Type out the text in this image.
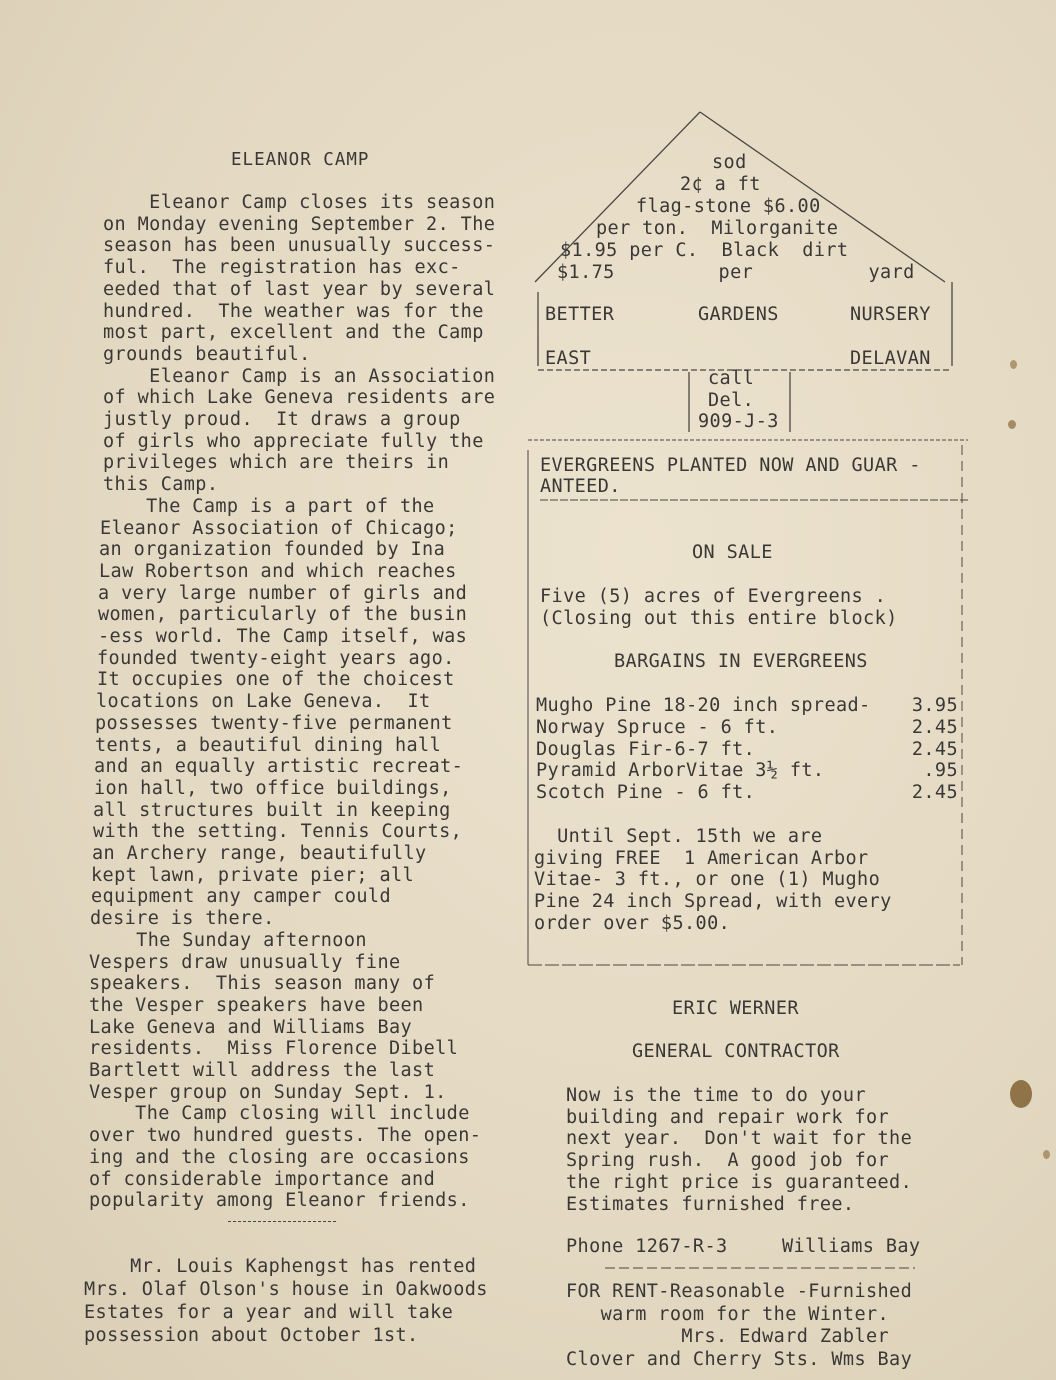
ELEANOR CAMP
Eleanor Camp closes its season
on Monday evening September 2. The
season has been unusually success-
ful.  The registration has exc-
eeded that of last year by several
hundred.  The weather was for the
most part, excellent and the Camp
grounds beautiful.
Eleanor Camp is an Association
of which Lake Geneva residents are
justly proud.  It draws a group
of girls who appreciate fully the
privileges which are theirs in
this Camp.
The Camp is a part of the
Eleanor Association of Chicago;
an organization founded by Ina
Law Robertson and which reaches
a very large number of girls and
women, particularly of the busin
-ess world. The Camp itself, was
founded twenty-eight years ago.
It occupies one of the choicest
locations on Lake Geneva.  It
possesses twenty-five permanent
tents, a beautiful dining hall
and an equally artistic recreat-
ion hall, two office buildings,
all structures built in keeping
with the setting. Tennis Courts,
an Archery range, beautifully
kept lawn, private pier; all
equipment any camper could
desire is there.
The Sunday afternoon
Vespers draw unusually fine
speakers.  This season many of
the Vesper speakers have been
Lake Geneva and Williams Bay
residents.  Miss Florence Dibell
Bartlett will address the last
Vesper group on Sunday Sept. 1.
The Camp closing will include
over two hundred guests. The open-
ing and the closing are occasions
of considerable importance and
popularity among Eleanor friends.
Mr. Louis Kaphengst has rented
Mrs. Olaf Olson's house in Oakwoods
Estates for a year and will take
possession about October 1st.
sod
2¢ a ft
flag-stone $6.00
per ton.  Milorganite
$1.95 per C.  Black  dirt
$1.75         per          yard
BETTER	GARDENS	NURSERY
EAST	DELAVAN
call
Del.
909-J-3
EVERGREENS PLANTED NOW AND GUAR -
ANTEED.
ON SALE
Five (5) acres of Evergreens .
(Closing out this entire block)
BARGAINS IN EVERGREENS
Mugho Pine 18-20 inch spread- 3.95
Norway Spruce - 6 ft.	2.45
Douglas Fir-6-7 ft.	2.45
Pyramid ArborVitae 3½ ft.	.95
Scotch Pine - 6 ft.	2.45
Until Sept. 15th we are
giving FREE  1 American Arbor
Vitae- 3 ft., or one (1) Mugho
Pine 24 inch Spread, with every
order over $5.00.
ERIC WERNER
GENERAL CONTRACTOR
Now is the time to do your
building and repair work for
next year.  Don't wait for the
Spring rush.  A good job for
the right price is guaranteed.
Estimates furnished free.
Phone 1267-R-3	Williams Bay
FOR RENT-Reasonable -Furnished
warm room for the Winter.
Mrs. Edward Zabler
Clover and Cherry Sts. Wms Bay
